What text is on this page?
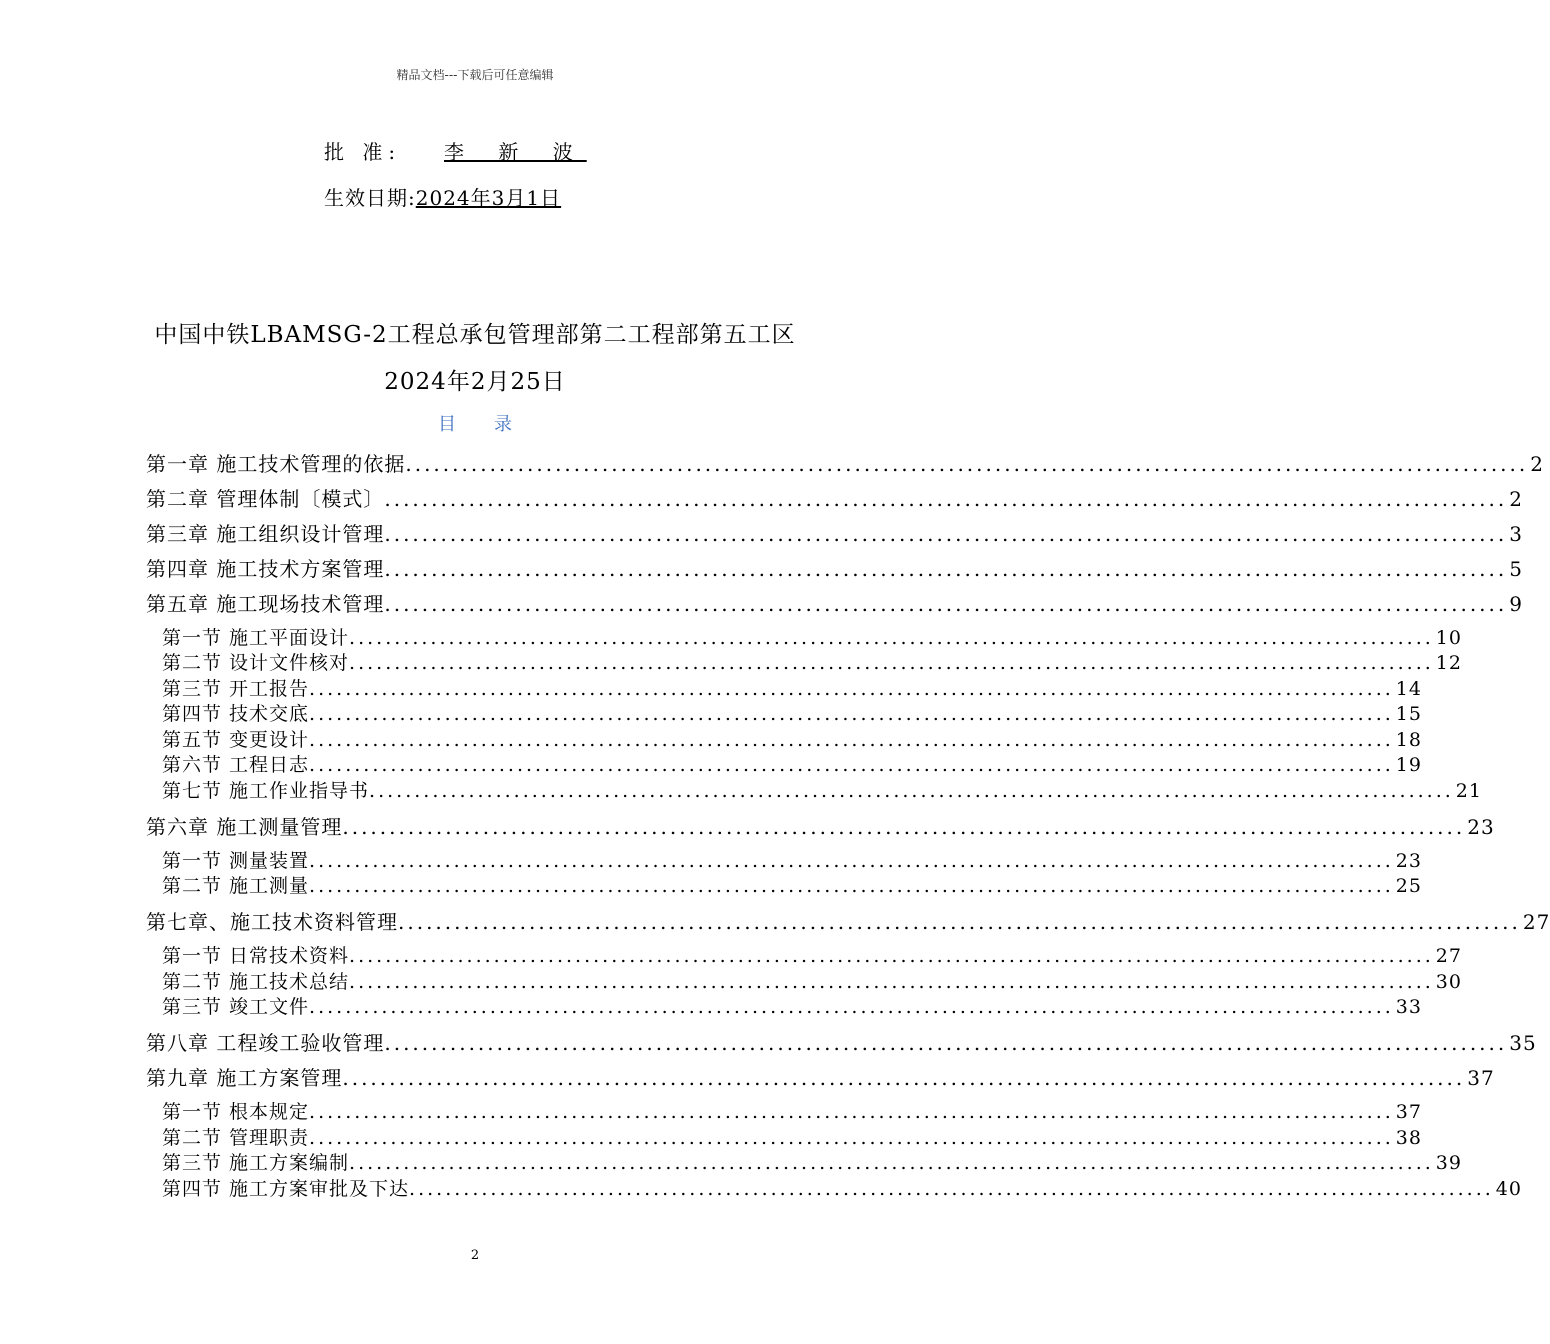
精品文档---下载后可任意编辑
批 准: 李 新 波
生效日期:2024年3月1日
中国中铁LBAMSG-2工程总承包管理部第二工程部第五工区
2024年2月25日
目录
第一章 施工技术管理的依据 ........................................................................................................................ 2
第二章 管理体制〔模式〕 ........................................................................................................................ 2
第三章 施工组织设计管理 ........................................................................................................................ 3
第四章 施工技术方案管理 ........................................................................................................................ 5
第五章 施工现场技术管理 ........................................................................................................................ 9
第一节 施工平面设计 ........................................................................................................................ 10
第二节 设计文件核对 ........................................................................................................................ 12
第三节 开工报告 ........................................................................................................................ 14
第四节 技术交底 ........................................................................................................................ 15
第五节 变更设计 ........................................................................................................................ 18
第六节 工程日志 ........................................................................................................................ 19
第七节 施工作业指导书 ........................................................................................................................ 21
第六章 施工测量管理 ........................................................................................................................ 23
第一节 测量装置 ........................................................................................................................ 23
第二节 施工测量 ........................................................................................................................ 25
第七章、施工技术资料管理 ........................................................................................................................ 27
第一节 日常技术资料 ........................................................................................................................ 27
第二节 施工技术总结 ........................................................................................................................ 30
第三节 竣工文件 ........................................................................................................................ 33
第八章 工程竣工验收管理 ........................................................................................................................ 35
第九章 施工方案管理 ........................................................................................................................ 37
第一节 根本规定 ........................................................................................................................ 37
第二节 管理职责 ........................................................................................................................ 38
第三节 施工方案编制 ........................................................................................................................ 39
第四节 施工方案审批及下达 ........................................................................................................................ 40
2
